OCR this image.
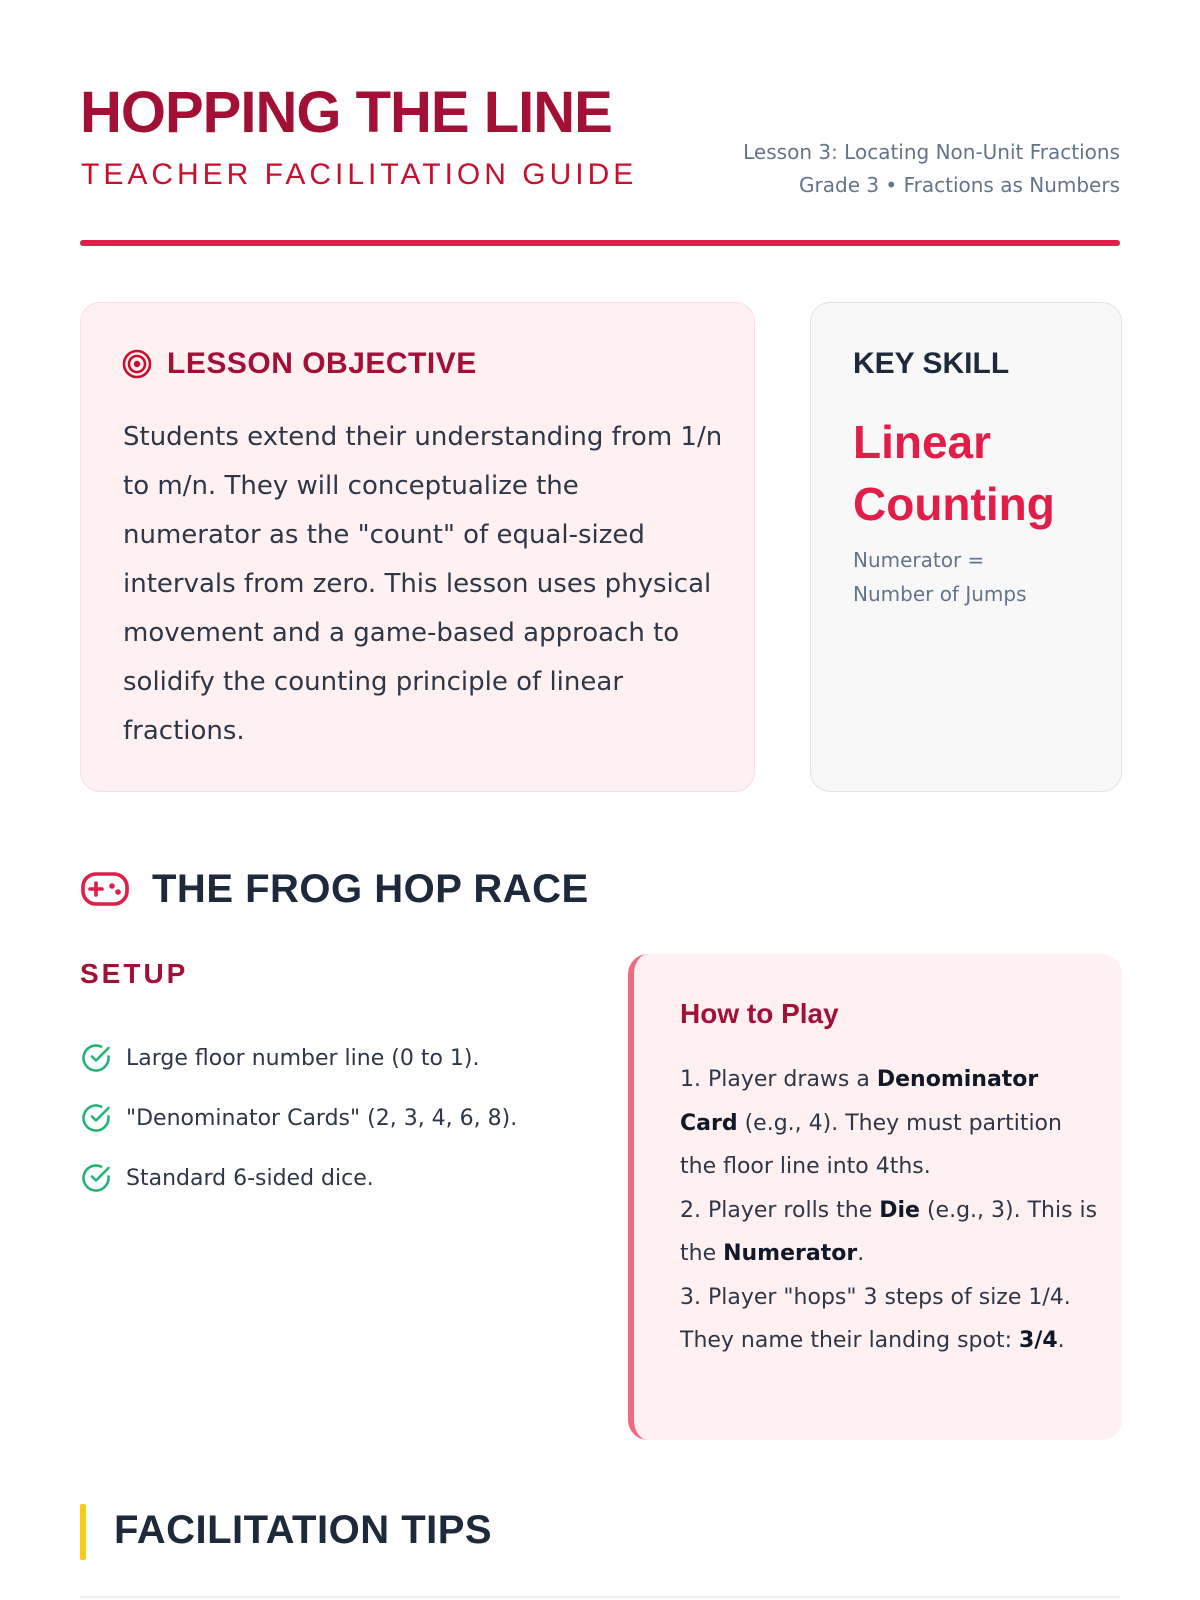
HOPPING THE LINE
TEACHER FACILITATION GUIDE
Lesson 3: Locating Non-Unit Fractions
Grade 3 • Fractions as Numbers
LESSON OBJECTIVE

Students extend their understanding from 1/n to m/n. They will conceptualize the numerator as the "count" of equal-sized intervals from zero. This lesson uses physical movement and a game-based approach to solidify the counting principle of linear fractions.

KEY SKILL
Linear Counting
Numerator = Number of Jumps
THE FROG HOP RACE
SETUP
Large floor number line (0 to 1).
"Denominator Cards" (2, 3, 4, 6, 8).
Standard 6-sided dice.
How to Play

1. Player draws a Denominator Card (e.g., 4). They must partition the floor line into 4ths.

2. Player rolls the Die (e.g., 3). This is the Numerator.

3. Player "hops" 3 steps of size 1/4. They name their landing spot: 3/4.

FACILITATION TIPS
